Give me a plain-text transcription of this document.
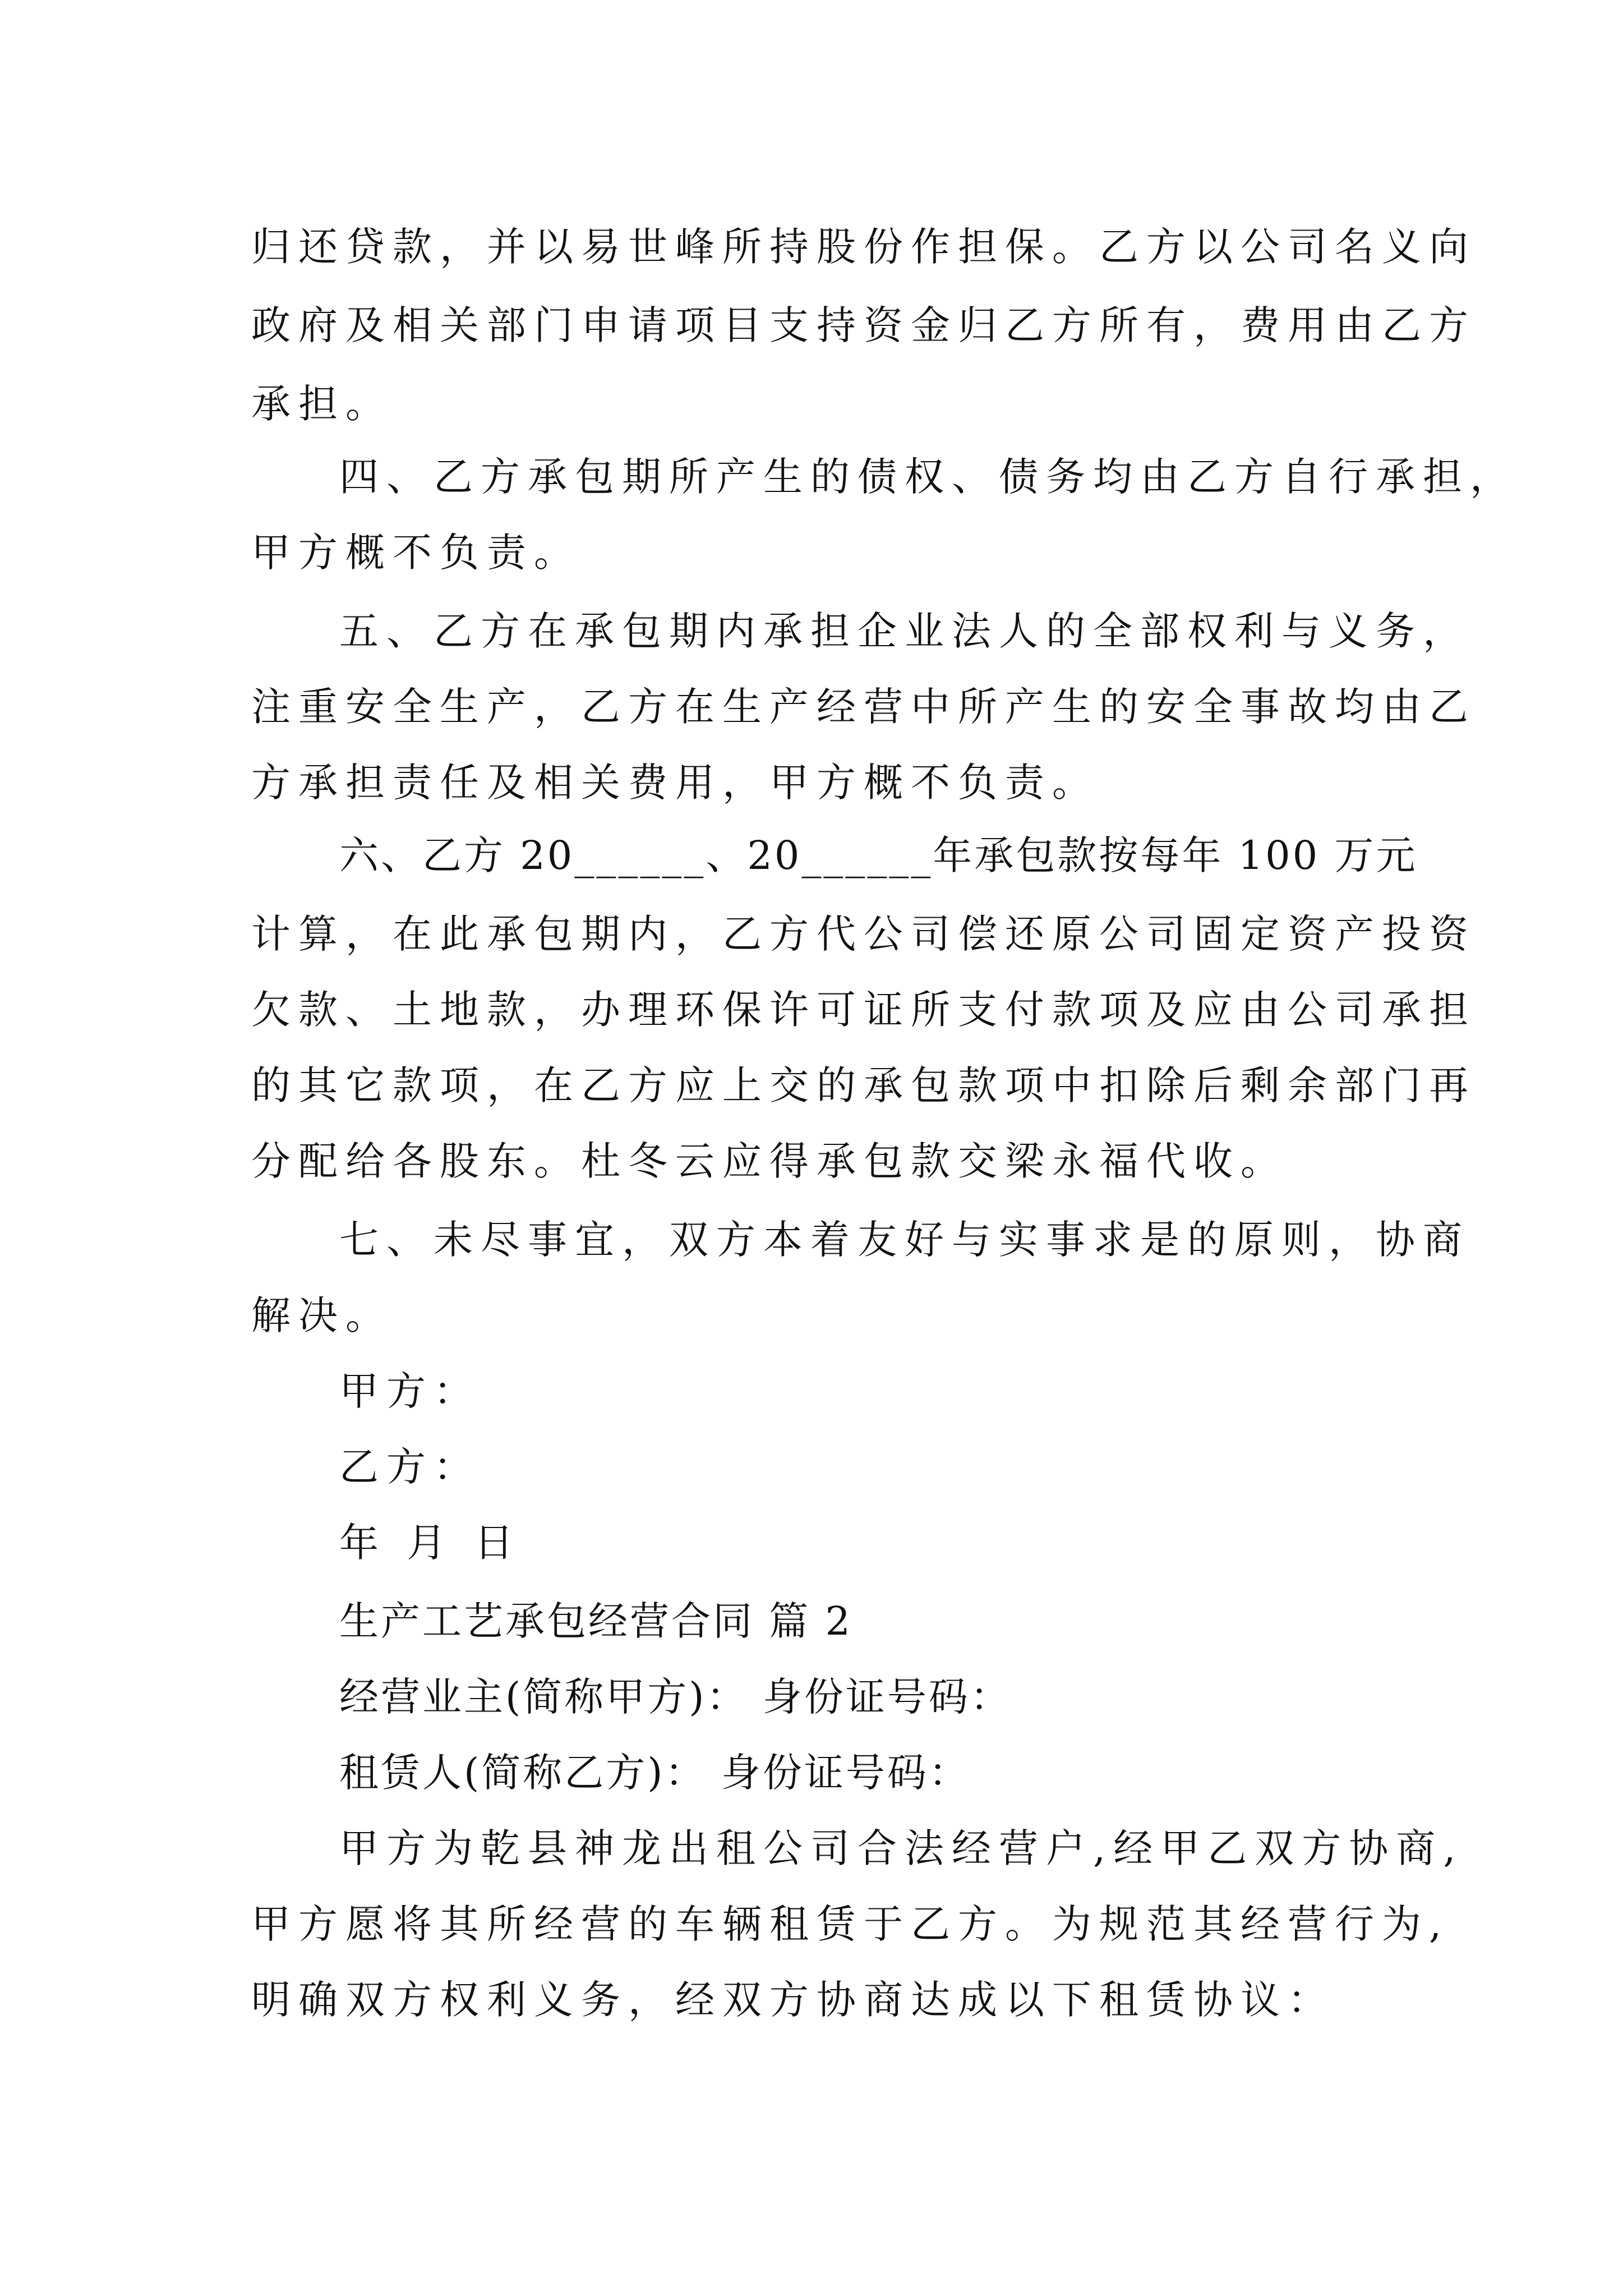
归还贷款，并以易世峰所持股份作担保。乙方以公司名义向
政府及相关部门申请项目支持资金归乙方所有，费用由乙方
承担。
四、乙方承包期所产生的债权、债务均由乙方自行承担，
甲方概不负责。
五、乙方在承包期内承担企业法人的全部权利与义务，
注重安全生产，乙方在生产经营中所产生的安全事故均由乙
方承担责任及相关费用，甲方概不负责。
六、乙方 20______、20______年承包款按每年 100 万元
计算，在此承包期内，乙方代公司偿还原公司固定资产投资
欠款、土地款，办理环保许可证所支付款项及应由公司承担
的其它款项，在乙方应上交的承包款项中扣除后剩余部门再
分配给各股东。杜冬云应得承包款交梁永福代收。
七、未尽事宜，双方本着友好与实事求是的原则，协商
解决。
甲方：
乙方：
年 月 日
生产工艺承包经营合同 篇 2
经营业主(简称甲方)： 身份证号码：
租赁人(简称乙方)： 身份证号码：
甲方为乾县神龙出租公司合法经营户,经甲乙双方协商,
甲方愿将其所经营的车辆租赁于乙方。为规范其经营行为,
明确双方权利义务，经双方协商达成以下租赁协议：
